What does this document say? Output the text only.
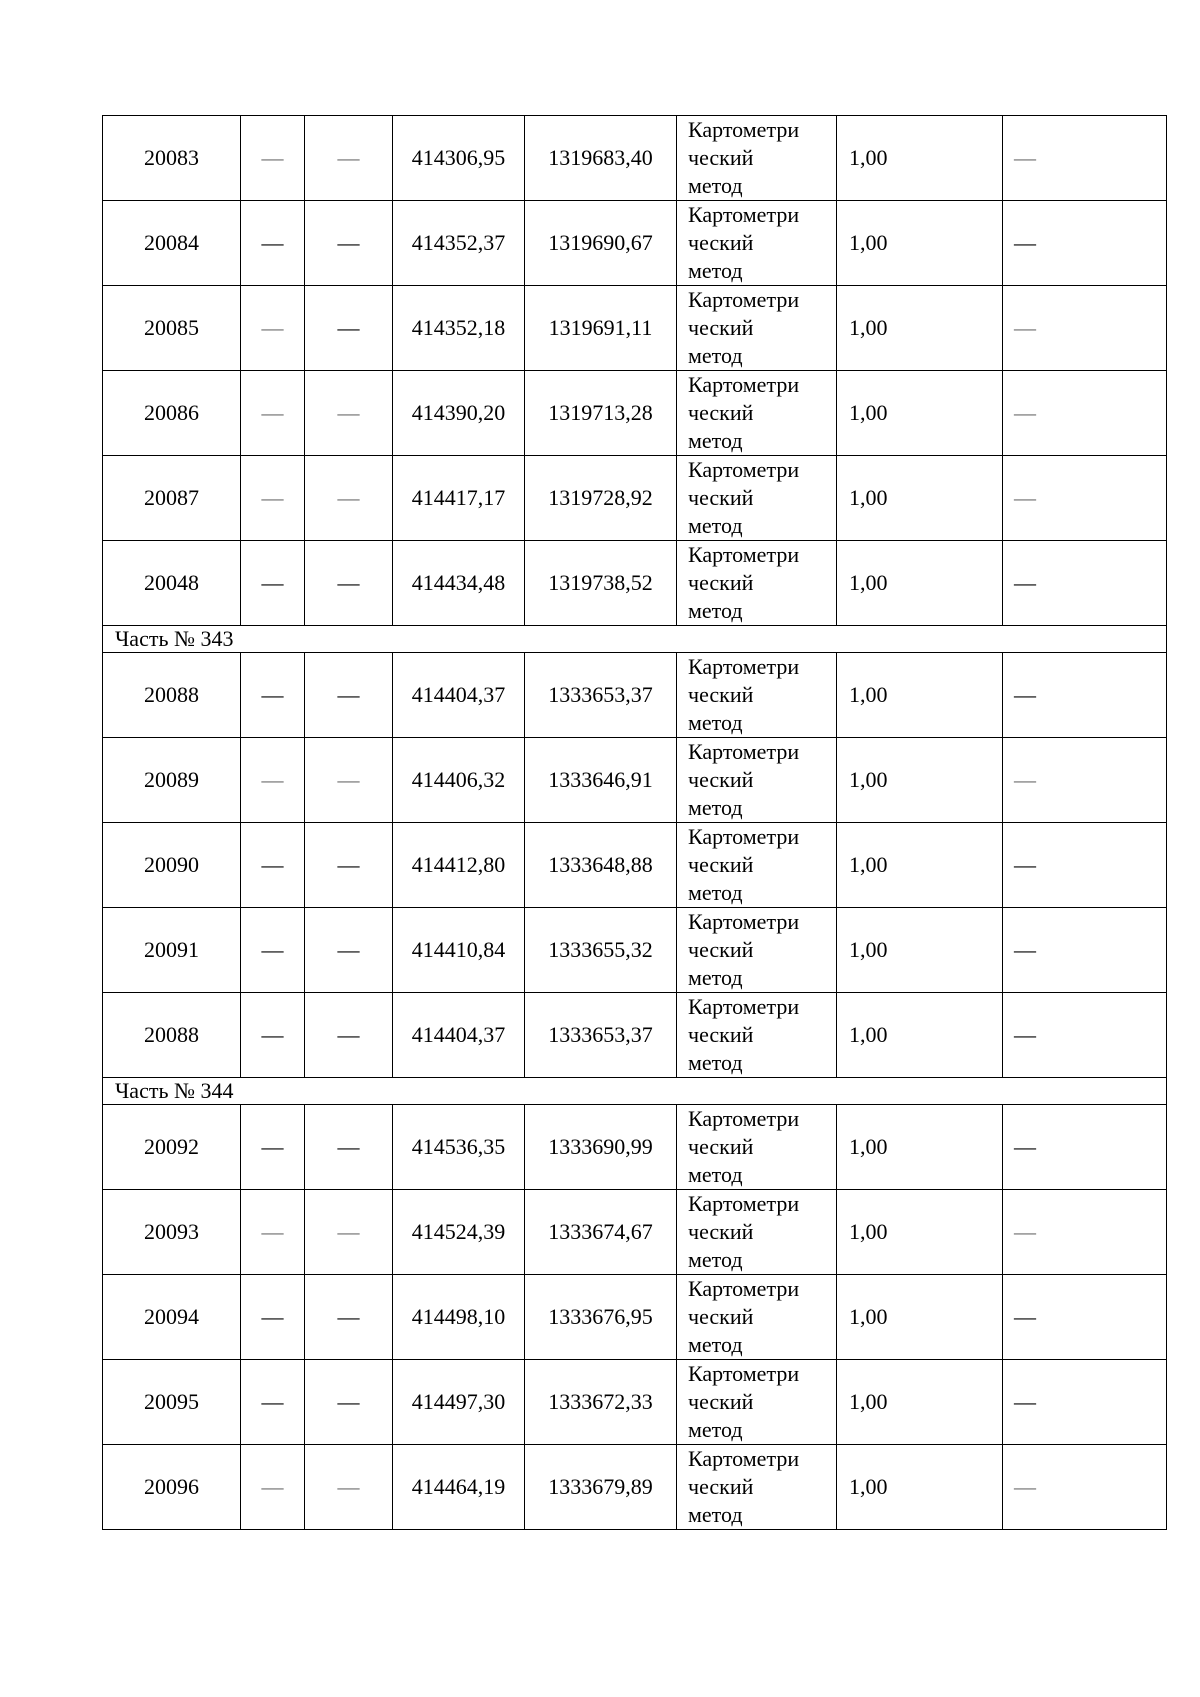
20083	—	—	414306,95	1319683,40	Картометри
ческий
метод	1,00	—
20084	—	—	414352,37	1319690,67	Картометри
ческий
метод	1,00	—
20085	—	—	414352,18	1319691,11	Картометри
ческий
метод	1,00	—
20086	—	—	414390,20	1319713,28	Картометри
ческий
метод	1,00	—
20087	—	—	414417,17	1319728,92	Картометри
ческий
метод	1,00	—
20048	—	—	414434,48	1319738,52	Картометри
ческий
метод	1,00	—
Часть № 343							
20088	—	—	414404,37	1333653,37	Картометри
ческий
метод	1,00	—
20089	—	—	414406,32	1333646,91	Картометри
ческий
метод	1,00	—
20090	—	—	414412,80	1333648,88	Картометри
ческий
метод	1,00	—
20091	—	—	414410,84	1333655,32	Картометри
ческий
метод	1,00	—
20088	—	—	414404,37	1333653,37	Картометри
ческий
метод	1,00	—
Часть № 344							
20092	—	—	414536,35	1333690,99	Картометри
ческий
метод	1,00	—
20093	—	—	414524,39	1333674,67	Картометри
ческий
метод	1,00	—
20094	—	—	414498,10	1333676,95	Картометри
ческий
метод	1,00	—
20095	—	—	414497,30	1333672,33	Картометри
ческий
метод	1,00	—
20096	—	—	414464,19	1333679,89	Картометри
ческий
метод	1,00	—
